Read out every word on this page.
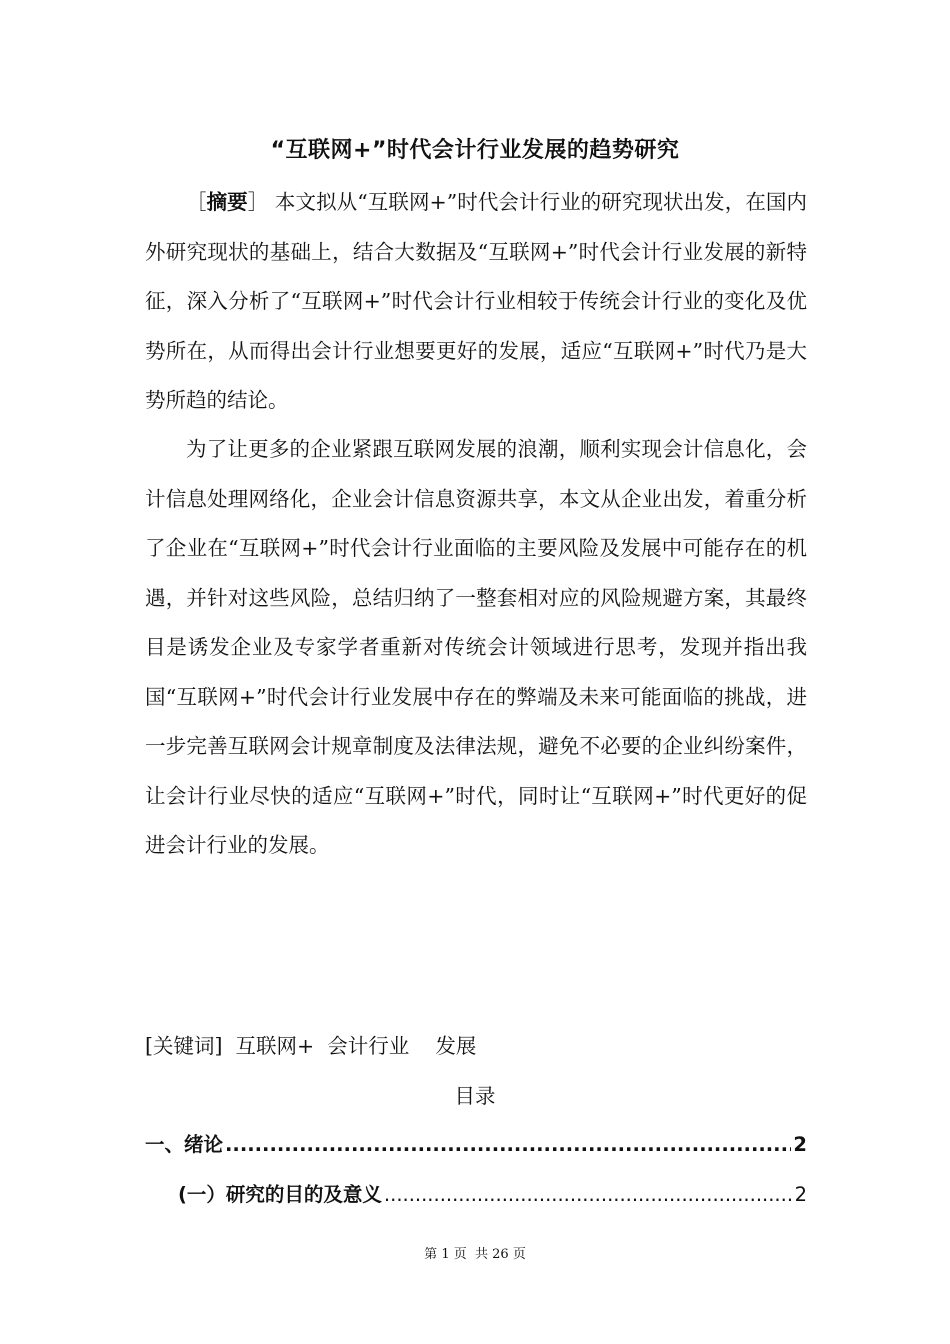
“互联网+”时代会计行业发展的趋势研究

［摘要］ 本文拟从“互联网+”时代会计行业的研究现状出发，在国内外研究现状的基础上，结合大数据及“互联网+”时代会计行业发展的新特征，深入分析了“互联网+”时代会计行业相较于传统会计行业的变化及优势所在，从而得出会计行业想要更好的发展，适应“互联网+”时代乃是大势所趋的结论。

为了让更多的企业紧跟互联网发展的浪潮，顺利实现会计信息化，会计信息处理网络化，企业会计信息资源共享，本文从企业出发，着重分析了企业在“互联网+”时代会计行业面临的主要风险及发展中可能存在的机遇，并针对这些风险，总结归纳了一整套相对应的风险规避方案，其最终目是诱发企业及专家学者重新对传统会计领域进行思考，发现并指出我国“互联网+”时代会计行业发展中存在的弊端及未来可能面临的挑战，进一步完善互联网会计规章制度及法律法规，避免不必要的企业纠纷案件，让会计行业尽快的适应“互联网+”时代，同时让“互联网+”时代更好的促进会计行业的发展。

[关键词] 互联网+ 会计行业 发展
目录
一、绪论 .....	2
(一）研究的目的及意义 .....	2
第 1 页  共 26 页
